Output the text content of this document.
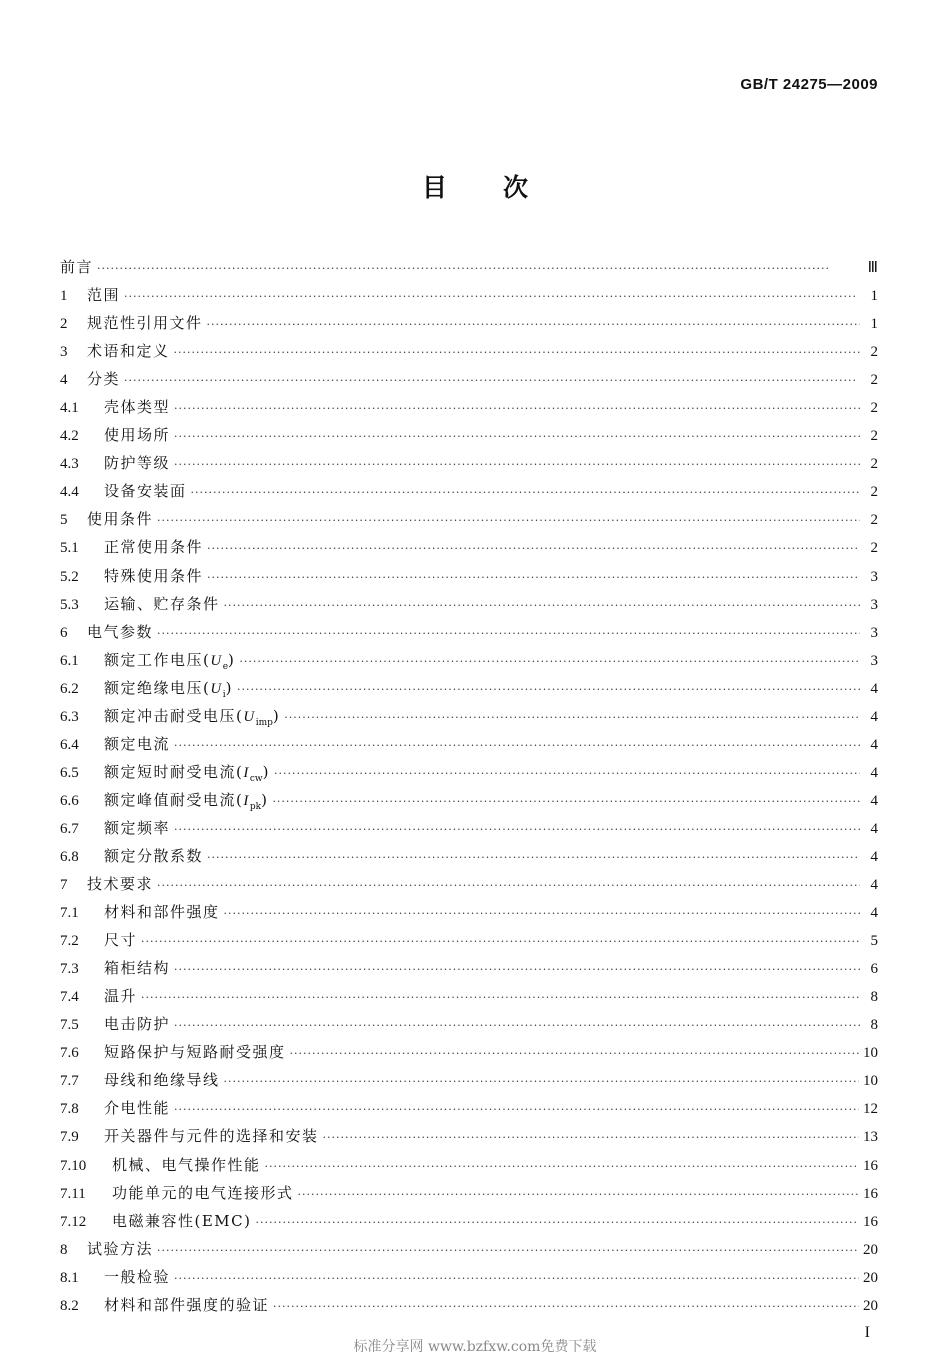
GB/T 24275—2009
目次
前言 ·····	Ⅲ
1	范围 ·····	1
2	规范性引用文件 ·····	1
3	术语和定义 ·····	2
4	分类 ·····	2
4.1	壳体类型 ·····	2
4.2	使用场所 ·····	2
4.3	防护等级 ·····	2
4.4	设备安装面 ·····	2
5	使用条件 ·····	2
5.1	正常使用条件 ·····	2
5.2	特殊使用条件 ·····	3
5.3	运输、贮存条件 ·····	3
6	电气参数 ·····	3
6.1	额定工作电压$(U_e)$ ·····	3
6.2	额定绝缘电压$(U_i)$ ·····	4
6.3	额定冲击耐受电压$(U_{imp})$ ·····	4
6.4	额定电流 ·····	4
6.5	额定短时耐受电流$(I_{cw})$ ·····	4
6.6	额定峰值耐受电流$(I_{pk})$ ·····	4
6.7	额定频率 ·····	4
6.8	额定分散系数 ·····	4
7	技术要求 ·····	4
7.1	材料和部件强度 ·····	4
7.2	尺寸 ·····	5
7.3	箱柜结构 ·····	6
7.4	温升 ·····	8
7.5	电击防护 ·····	8
7.6	短路保护与短路耐受强度 ·····	10
7.7	母线和绝缘导线 ·····	10
7.8	介电性能 ·····	12
7.9	开关器件与元件的选择和安装 ·····	13
7.10	机械、电气操作性能 ·····	16
7.11	功能单元的电气连接形式 ·····	16
7.12	电磁兼容性(EMC) ·····	16
8	试验方法 ·····	20
8.1	一般检验 ·····	20
8.2	材料和部件强度的验证 ·····	20
I
标准分享网 www.bzfxw.com免费下载
